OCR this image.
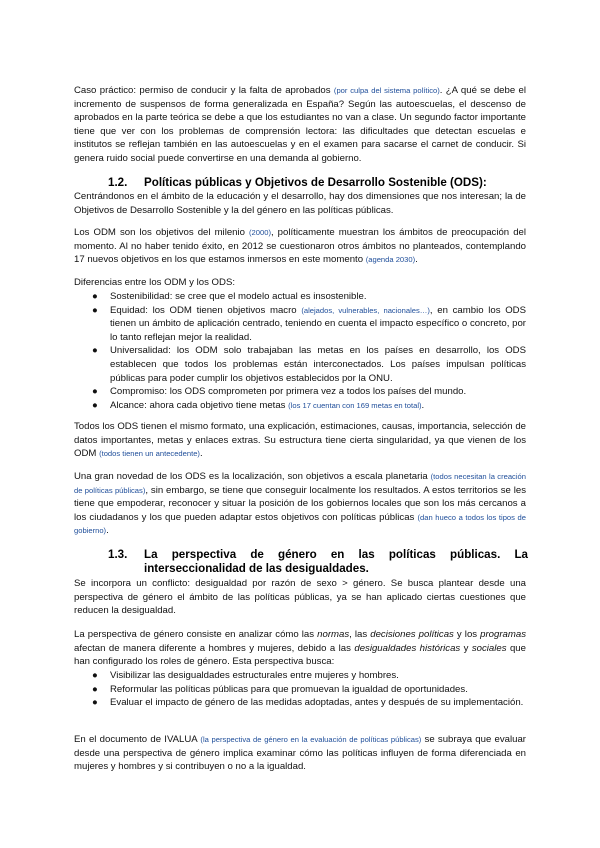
Caso práctico: permiso de conducir y la falta de aprobados (por culpa del sistema político). ¿A qué se debe el incremento de suspensos de forma generalizada en España? Según las autoescuelas, el descenso de aprobados en la parte teórica se debe a que los estudiantes no van a clase. Un segundo factor importante tiene que ver con los problemas de comprensión lectora: las dificultades que detectan escuelas e institutos se reflejan también en las autoescuelas y en el examen para sacarse el carnet de conducir. Si genera ruido social puede convertirse en una demanda al gobierno.

1.2. Políticas públicas y Objetivos de Desarrollo Sostenible (ODS):

Centrándonos en el ámbito de la educación y el desarrollo, hay dos dimensiones que nos interesan; la de Objetivos de Desarrollo Sostenible y la del género en las políticas públicas.

Los ODM son los objetivos del milenio (2000), políticamente muestran los ámbitos de preocupación del momento. Al no haber tenido éxito, en 2012 se cuestionaron otros ámbitos no planteados, contemplando 17 nuevos objetivos en los que estamos inmersos en este momento (agenda 2030).

Diferencias entre los ODM y los ODS:

● Sostenibilidad: se cree que el modelo actual es insostenible.
● Equidad: los ODM tienen objetivos macro (alejados, vulnerables, nacionales…), en cambio los ODS tienen un ámbito de aplicación centrado, teniendo en cuenta el impacto específico o concreto, por lo tanto reflejan mejor la realidad.
● Universalidad: los ODM solo trabajaban las metas en los países en desarrollo, los ODS establecen que todos los problemas están interconectados. Los países impulsan políticas públicas para poder cumplir los objetivos establecidos por la ONU.
● Compromiso: los ODS comprometen por primera vez a todos los países del mundo.
● Alcance: ahora cada objetivo tiene metas (los 17 cuentan con 169 metas en total).

Todos los ODS tienen el mismo formato, una explicación, estimaciones, causas, importancia, selección de datos importantes, metas y enlaces extras. Su estructura tiene cierta singularidad, ya que vienen de los ODM (todos tienen un antecedente).

Una gran novedad de los ODS es la localización, son objetivos a escala planetaria (todos necesitan la creación de políticas públicas), sin embargo, se tiene que conseguir localmente los resultados. A estos territorios se les tiene que empoderar, reconocer y situar la posición de los gobiernos locales que son los más cercanos a los ciudadanos y los que pueden adaptar estos objetivos con políticas públicas (dan hueco a todos los tipos de gobierno).

1.3.	La perspectiva de género en las políticas públicas. La
interseccionalidad de las desigualdades.

Se incorpora un conflicto: desigualdad por razón de sexo > género. Se busca plantear desde una perspectiva de género el ámbito de las políticas públicas, ya se han aplicado ciertas cuestiones que reducen la desigualdad.

La perspectiva de género consiste en analizar cómo las normas, las decisiones políticas y los programas afectan de manera diferente a hombres y mujeres, debido a las desigualdades históricas y sociales que han configurado los roles de género. Esta perspectiva busca:

● Visibilizar las desigualdades estructurales entre mujeres y hombres.
● Reformular las políticas públicas para que promuevan la igualdad de oportunidades.
● Evaluar el impacto de género de las medidas adoptadas, antes y después de su implementación.

En el documento de IVALUA (la perspectiva de género en la evaluación de políticas públicas) se subraya que evaluar desde una perspectiva de género implica examinar cómo las políticas influyen de forma diferenciada en mujeres y hombres y si contribuyen o no a la igualdad.
